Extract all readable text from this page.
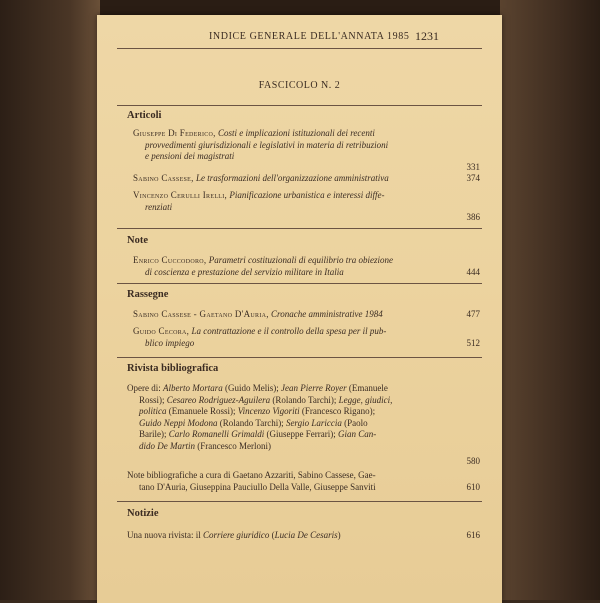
INDICE GENERALE DELL'ANNATA 1985 1231
FASCICOLO N. 2
Articoli
Giuseppe Di Federico, Costi e implicazioni istituzionali dei recenti
provvedimenti giurisdizionali e legislativi in materia di retribuzioni
e pensioni dei magistrati
331
Sabino Cassese, Le trasformazioni dell'organizzazione amministrativa	374
Vincenzo Cerulli Irelli, Pianificazione urbanistica e interessi diffe-
renziati
386
Note
Enrico Cuccodoro, Parametri costituzionali di equilibrio tra obiezione
di coscienza e prestazione del servizio militare in Italia	444
Rassegne
Sabino Cassese - Gaetano D'Auria, Cronache amministrative 1984	477
Guido Cecora, La contrattazione e il controllo della spesa per il pub-
blico impiego	512
Rivista bibliografica
Opere di: Alberto Mortara (Guido Melis); Jean Pierre Royer (Emanuele
Rossi); Cesareo Rodriguez-Aguilera (Rolando Tarchi); Legge, giudici,
politica (Emanuele Rossi); Vincenzo Vigoriti (Francesco Rigano);
Guido Neppi Modona (Rolando Tarchi); Sergio Lariccia (Paolo
Barile); Carlo Romanelli Grimaldi (Giuseppe Ferrari); Gian Can-
dido De Martin (Francesco Merloni)
580
Note bibliografiche a cura di Gaetano Azzariti, Sabino Cassese, Gae-
tano D'Auria, Giuseppina Pauciullo Della Valle, Giuseppe Sanviti	610
Notizie
Una nuova rivista: il Corriere giuridico (Lucia De Cesaris)	616
